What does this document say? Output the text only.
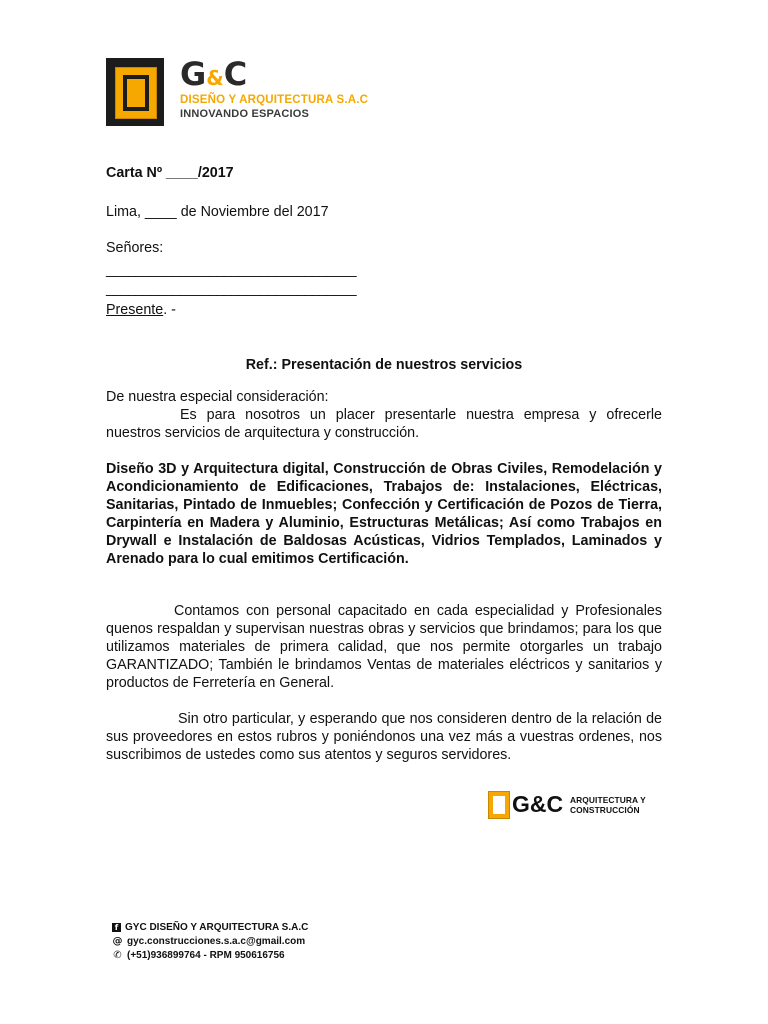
G&C
DISEÑO Y ARQUITECTURA S.A.C
INNOVANDO ESPACIOS
Carta Nº ____/2017
Lima, ____ de Noviembre del 2017
Señores:
__________________________________
__________________________________
Presente. -
Ref.: Presentación de nuestros servicios
De nuestra especial consideración:
Es para nosotros un placer presentarle nuestra empresa y ofrecerle nuestros servicios de arquitectura y construcción.
Diseño 3D y Arquitectura digital, Construcción de Obras Civiles, Remodelación y Acondicionamiento de Edificaciones, Trabajos de: Instalaciones, Eléctricas, Sanitarias, Pintado de Inmuebles; Confección y Certificación de Pozos de Tierra, Carpintería en Madera y Aluminio, Estructuras Metálicas; Así como Trabajos en Drywall e Instalación de Baldosas Acústicas, Vidrios Templados, Laminados y Arenado para lo cual emitimos Certificación.
Contamos con personal capacitado en cada especialidad y Profesionales quenos respaldan y supervisan nuestras obras y servicios que brindamos; para los que utilizamos materiales de primera calidad, que nos permite otorgarles un trabajo GARANTIZADO; También le brindamos Ventas de materiales eléctricos y sanitarios y productos de Ferretería en General.
Sin otro particular, y esperando que nos consideren dentro de la relación de sus proveedores en estos rubros y poniéndonos una vez más a vuestras ordenes, nos suscribimos de ustedes como sus atentos y seguros servidores.
G&C ARQUITECTURA Y
CONSTRUCCIÓN
f GYC DISEÑO Y ARQUITECTURA S.A.C
@ gyc.construcciones.s.a.c@gmail.com
✆ (+51)936899764 - RPM 950616756
